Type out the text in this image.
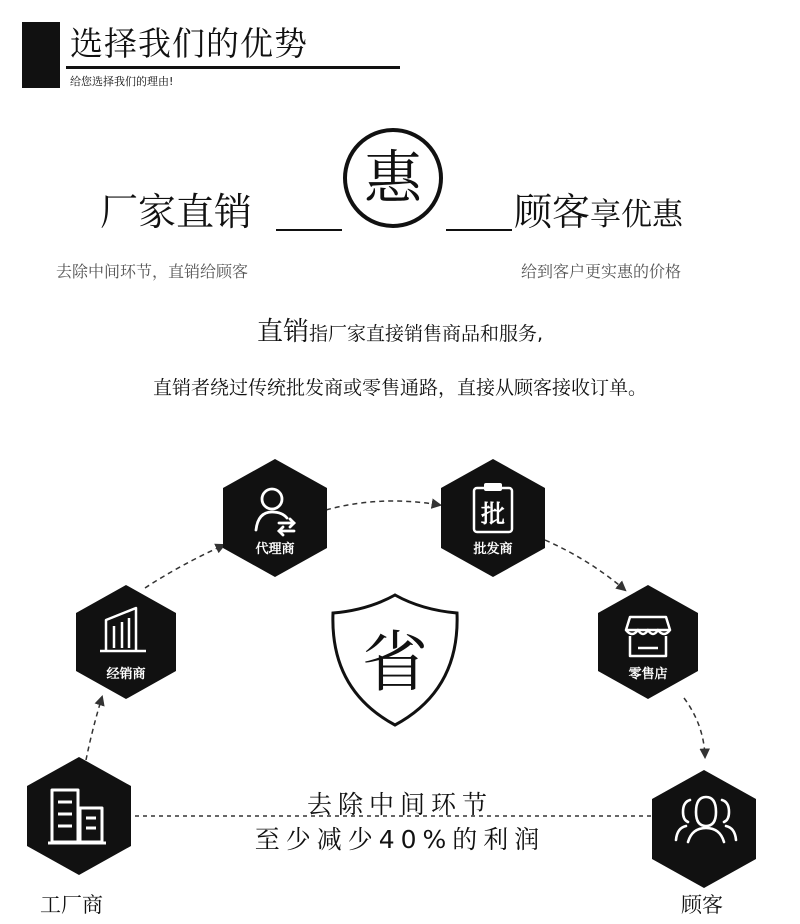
选择我们的优势
给您选择我们的理由!
惠
厂家直销	顾客享优惠
去除中间环节，直销给顾客	给到客户更实惠的价格
直销指厂家直接销售商品和服务,
直销者绕过传统批发商或零售通路，直接从顾客接收订单。
经销商
代理商
批
批发商
零售店
省
去除中间环节
至少减少40%的利润
工厂商	顾客
